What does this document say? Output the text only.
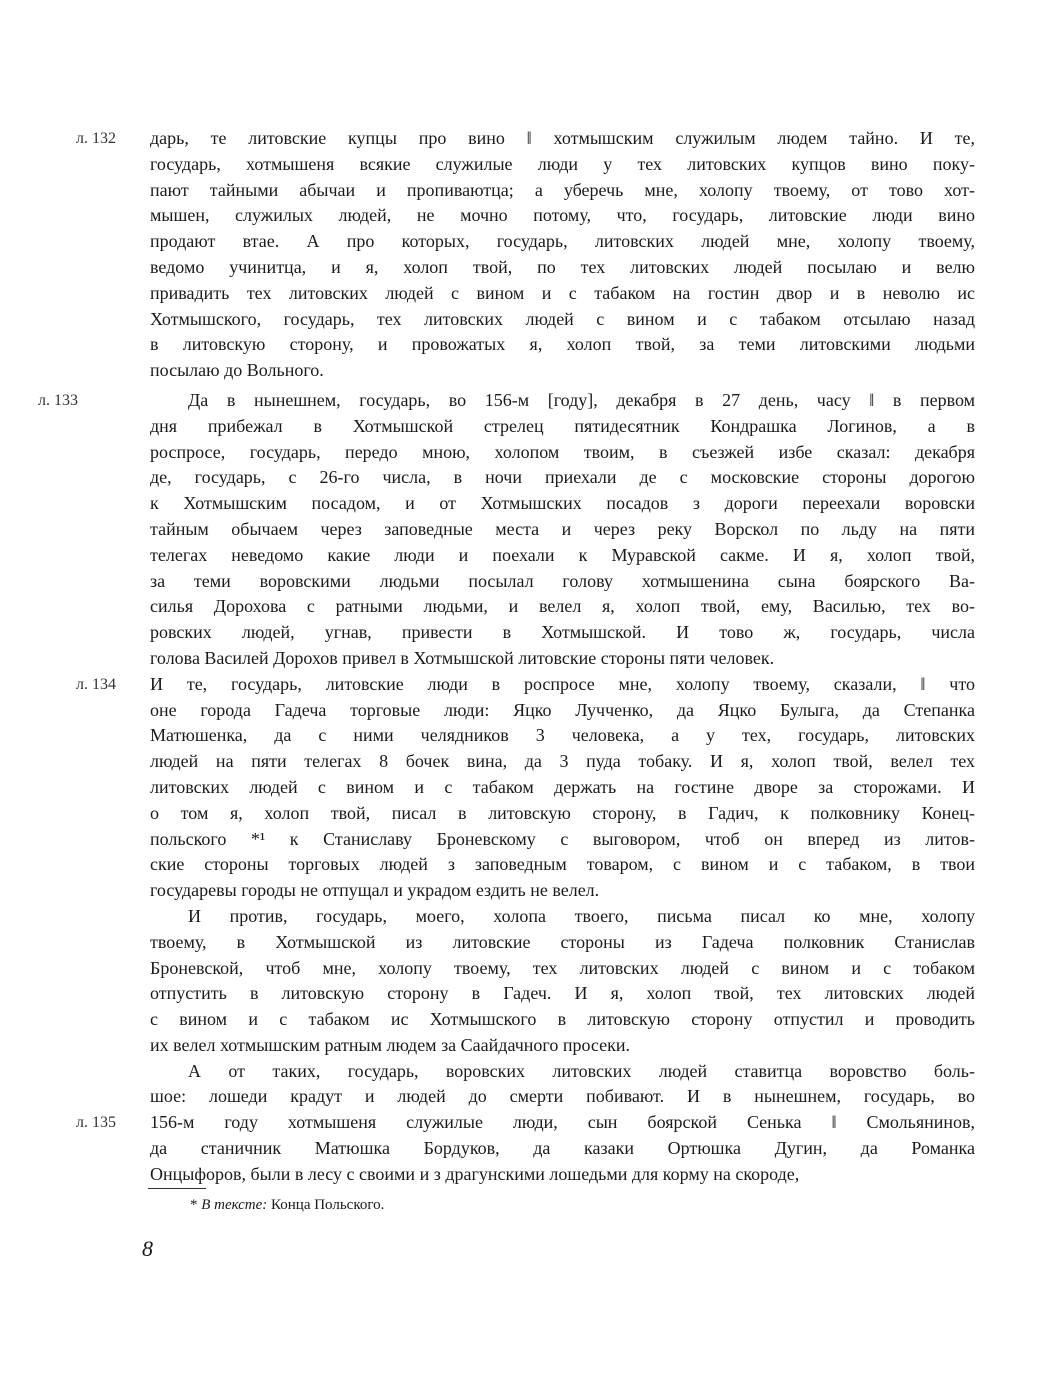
дарь, те литовские купцы про вино ‖ хотмышским служилым людем тайно. И те,
л. 132
государь, хотмышеня всякие служилые люди у тех литовских купцов вино поку-
пают тайными абычаи и пропиваютца; а уберечь мне, холопу твоему, от тово хот-
мышен, служилых людей, не мочно потому, что, государь, литовские люди вино
продают втае. А про которых, государь, литовских людей мне, холопу твоему,
ведомо учинитца, и я, холоп твой, по тех литовских людей посылаю и велю
привадить тех литовских людей с вином и с табаком на гостин двор и в неволю ис
Хотмышского, государь, тех литовских людей с вином и с табаком отсылаю назад
в литовскую сторону, и провожатых я, холоп твой, за теми литовскими людьми
посылаю до Вольного.
Да в нынешнем, государь, во 156-м [году], декабря в 27 день, часу ‖ в первом
л. 133
дня прибежал в Хотмышской стрелец пятидесятник Кондрашка Логинов, а в
роспросе, государь, передо мною, холопом твоим, в съезжей избе сказал: декабря
де, государь, с 26-го числа, в ночи приехали де с московские стороны дорогою
к Хотмышским посадом, и от Хотмышских посадов з дороги переехали воровски
тайным обычаем через заповедные места и через реку Ворскол по льду на пяти
телегах неведомо какие люди и поехали к Муравской сакме. И я, холоп твой,
за теми воровскими людьми посылал голову хотмышенина сына боярского Ва-
силья Дорохова с ратными людьми, и велел я, холоп твой, ему, Василью, тех во-
ровских людей, угнав, привести в Хотмышской. И тово ж, государь, числа
голова Василей Дорохов привел в Хотмышской литовские стороны пяти человек.
И те, государь, литовские люди в роспросе мне, холопу твоему, сказали, ‖ что
л. 134
оне города Гадеча торговые люди: Яцко Лучченко, да Яцко Булыга, да Степанка
Матюшенка, да с ними челядников 3 человека, а у тех, государь, литовских
людей на пяти телегах 8 бочек вина, да 3 пуда тобаку. И я, холоп твой, велел тех
литовских людей с вином и с табаком держать на гостине дворе за сторожами. И
о том я, холоп твой, писал в литовскую сторону, в Гадич, к полковнику Конец-
польского *¹ к Станиславу Броневскому с выговором, чтоб он вперед из литов-
ские стороны торговых людей з заповедным товаром, с вином и с табаком, в твои
государевы городы не отпущал и украдом ездить не велел.
И против, государь, моего, холопа твоего, письма писал ко мне, холопу
твоему, в Хотмышской из литовские стороны из Гадеча полковник Станислав
Броневской, чтоб мне, холопу твоему, тех литовских людей с вином и с тобаком
отпустить в литовскую сторону в Гадеч. И я, холоп твой, тех литовских людей
с вином и с табаком ис Хотмышского в литовскую сторону отпустил и проводить
их велел хотмышским ратным людем за Саайдачного просеки.
А от таких, государь, воровских литовских людей ставитца воровство боль-
шое: лошеди крадут и людей до смерти побивают. И в нынешнем, государь, во
156-м году хотмышеня служилые люди, сын боярской Сенька ‖ Смольянинов,
л. 135
да станичник Матюшка Бордуков, да казаки Ортюшка Дугин, да Романка
Онцыфоров, были в лесу с своими и з драгунскими лошедьми для корму на скороде,
* В тексте: Конца Польского.
8
